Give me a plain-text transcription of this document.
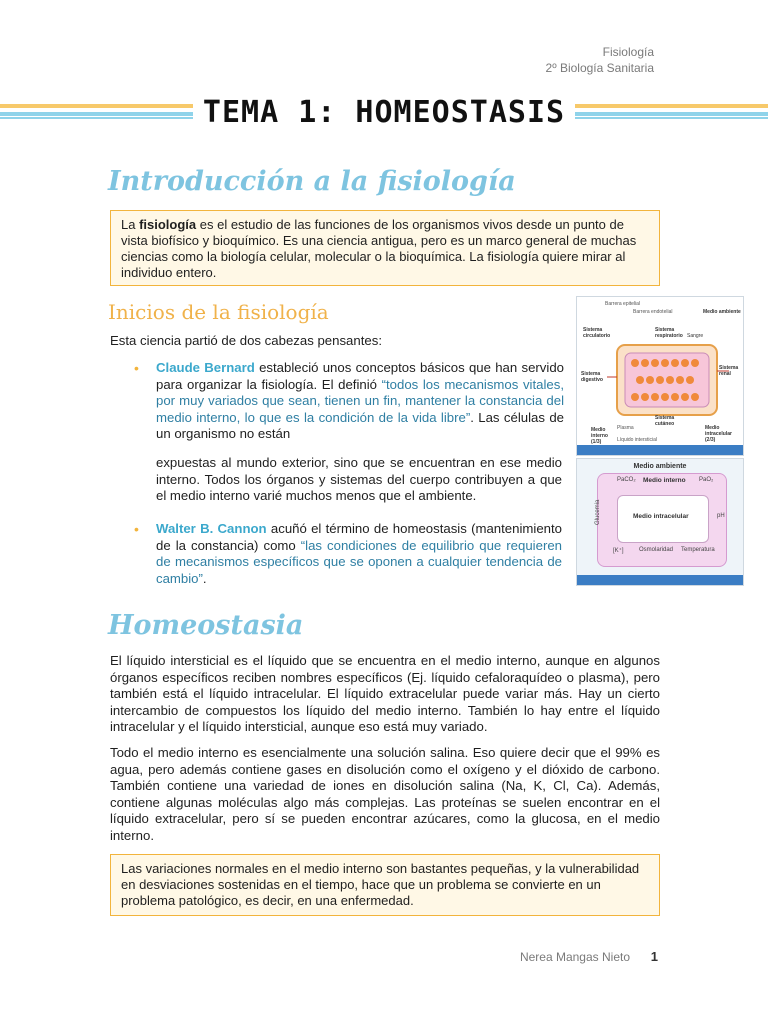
Fisiología
2º Biología Sanitaria
TEMA 1: HOMEOSTASIS
Introducción a la fisiología
La fisiología es el estudio de las funciones de los organismos vivos desde un punto de vista biofísico y bioquímico. Es una ciencia antigua, pero es un marco general de muchas ciencias como la biología celular, molecular o la bioquímica. La fisiología quiere mirar al individuo entero.
Inicios de la fisiología
Esta ciencia partió de dos cabezas pensantes:
• Claude Bernard estableció unos conceptos básicos que han servido para organizar la fisiología. El definió “todos los mecanismos vitales, por muy variados que sean, tienen un fin, mantener la constancia del medio interno, lo que es la condición de la vida libre”. Las células de un organismo no están
expuestas al mundo exterior, sino que se encuentran en ese medio interno. Todos los órganos y sistemas del cuerpo contribuyen a que el medio interno varié muchos menos que el ambiente.
• Walter B. Cannon acuñó el término de homeostasis (mantenimiento de la constancia) como “las condiciones de equilibrio que requieren de mecanismos específicos que se oponen a cualquier tendencia de cambio”.
Barrera epitelial
Barrera endotelial	Medio ambiente
Sistema circulatorio
Sistema respiratorio Sangre
Sistema digestivo
Sistema renal
Medio interno (1/3)
Plasma
Sistema cutáneo
Medio intracelular (2/3)
Líquido intersticial
Medio ambiente
PaCO₂ Medio interno PaO₂
Glucemia	Medio intracelular	pH
[K⁺]	Osmolaridad Temperatura
Homeostasia
El líquido intersticial es el líquido que se encuentra en el medio interno, aunque en algunos órganos específicos reciben nombres específicos (Ej. líquido cefaloraquídeo o plasma), pero también está el líquido intracelular. El líquido extracelular puede variar más. Hay un cierto intercambio de compuestos los líquido del medio interno. También lo hay entre el líquido intracelular y el líquido intersticial, aunque eso está muy variado.
Todo el medio interno es esencialmente una solución salina. Eso quiere decir que el 99% es agua, pero además contiene gases en disolución como el oxígeno y el dióxido de carbono. También contiene una variedad de iones en disolución salina (Na, K, Cl, Ca). Además, contiene algunas moléculas algo más complejas. Las proteínas se suelen encontrar en el líquido extracelular, pero sí se pueden encontrar azúcares, como la glucosa, en el medio interno.
Las variaciones normales en el medio interno son bastantes pequeñas, y la vulnerabilidad en desviaciones sostenidas en el tiempo, hace que un problema se convierte en un problema patológico, es decir, en una enfermedad.
Nerea Mangas Nieto 1
